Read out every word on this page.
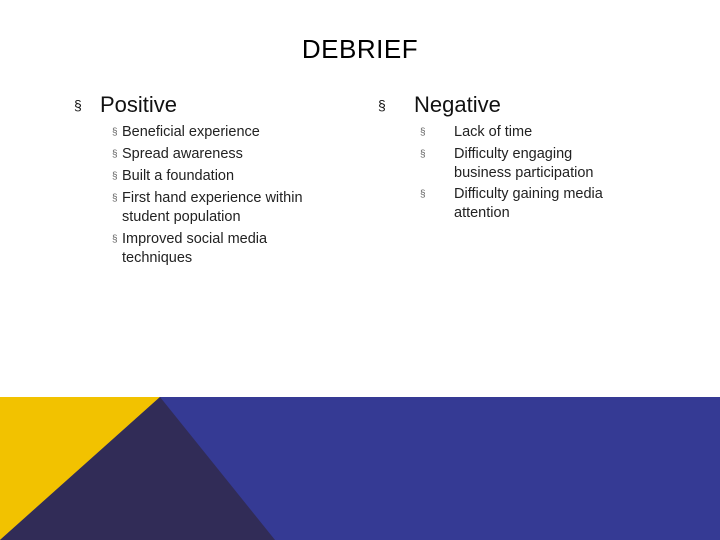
DEBRIEF
§ Positive
§ Beneficial experience
§ Spread awareness
§ Built a foundation
§ First hand experience within student population
§ Improved social media techniques
§ Negative
§ Lack of time
§ Difficulty engaging business participation
§ Difficulty gaining media attention
